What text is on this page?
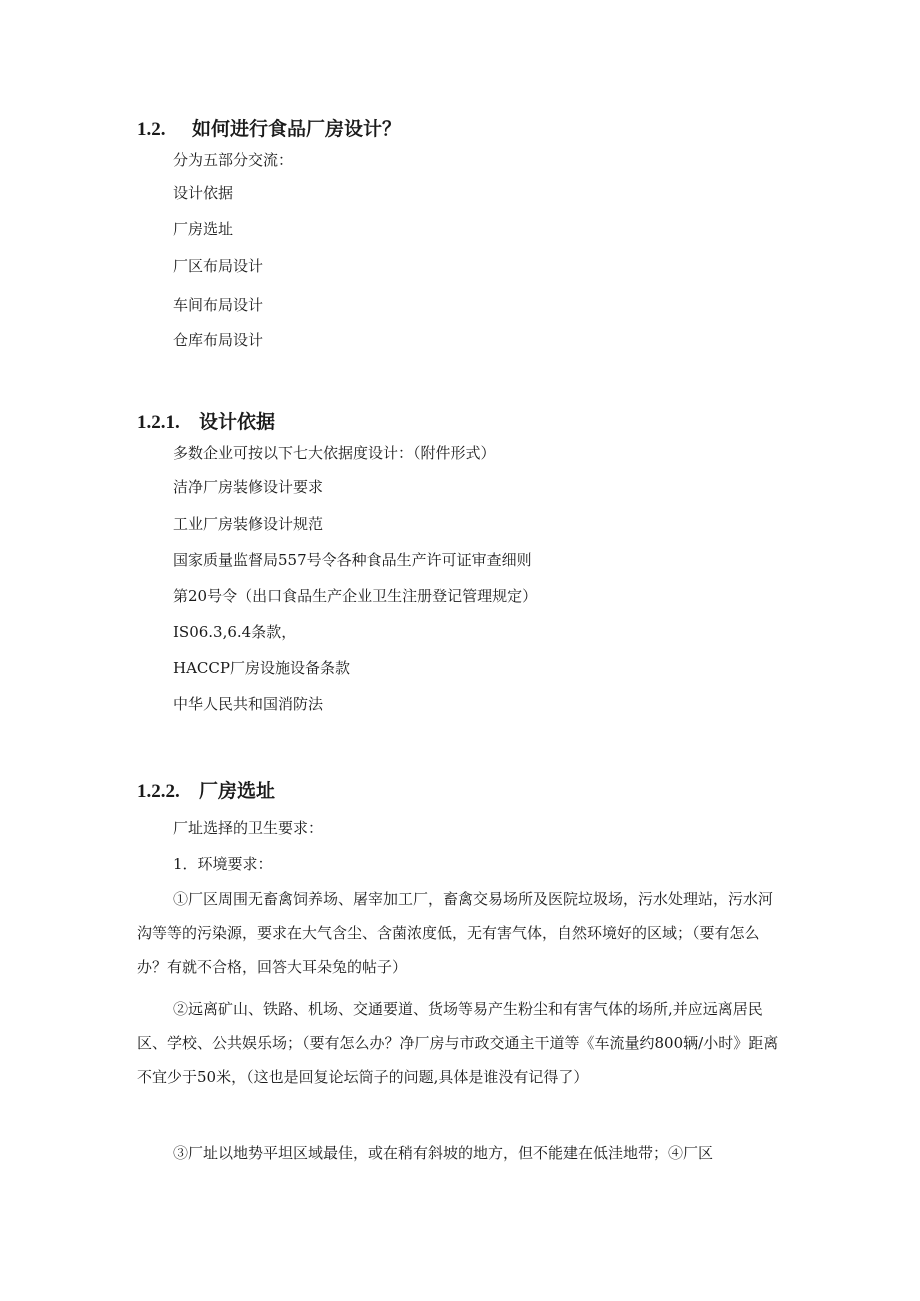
1.2. 如何进行食品厂房设计？

分为五部分交流：

设计依据

厂房选址

厂区布局设计

车间布局设计

仓库布局设计

1.2.1. 设计依据

多数企业可按以下七大依据度设计：（附件形式）

洁净厂房装修设计要求

工业厂房装修设计规范

国家质量监督局557号令各种食品生产许可证审查细则

第20号令（出口食品生产企业卫生注册登记管理规定）

IS06.3,6.4条款，

HACCP厂房设施设备条款

中华人民共和国消防法

1.2.2. 厂房选址

厂址选择的卫生要求：

1．环境要求：

①厂区周围无畜禽饲养场、屠宰加工厂，畜禽交易场所及医院垃圾场，污水处理站，污水河沟等等的污染源，要求在大气含尘、含菌浓度低，无有害气体，自然环境好的区域；（要有怎么办？有就不合格，回答大耳朵兔的帖子）

②远离矿山、铁路、机场、交通要道、货场等易产生粉尘和有害气体的场所,并应远离居民区、学校、公共娱乐场；（要有怎么办？净厂房与市政交通主干道等《车流量约800辆/小时》距离不宜少于50米，（这也是回复论坛筒子的问题,具体是谁没有记得了）

③厂址以地势平坦区域最佳，或在稍有斜坡的地方，但不能建在低洼地带；④厂区
